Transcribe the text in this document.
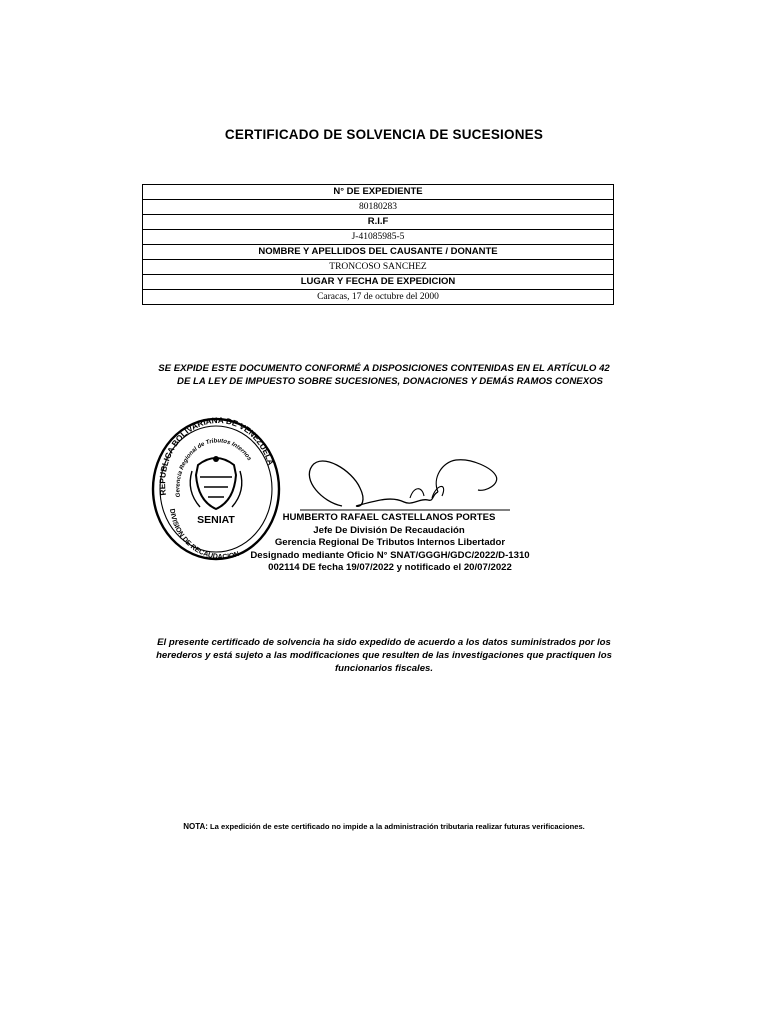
CERTIFICADO DE SOLVENCIA DE SUCESIONES
N° DE EXPEDIENTE
80180283
R.I.F
J-41085985-5
NOMBRE Y APELLIDOS DEL CAUSANTE / DONANTE
TRONCOSO SANCHEZ
LUGAR Y FECHA DE EXPEDICION
Caracas, 17 de octubre del 2000
SE EXPIDE ESTE DOCUMENTO CONFORMÉ A DISPOSICIONES CONTENIDAS EN EL ARTÍCULO 42
DE LA LEY DE IMPUESTO SOBRE SUCESIONES, DONACIONES Y DEMÁS RAMOS CONEXOS
REPUBLICA BOLIVARIANA DE VENEZUELA
Gerencia Regional de Tributos Internos
DIVISION DE RECAUDACION
SENIAT	HUMBERTO RAFAEL CASTELLANOS PORTES
Jefe De División De Recaudación
Gerencia Regional De Tributos Internos Libertador
Designado mediante Oficio N° SNAT/GGGH/GDC/2022/D-1310
002114 DE fecha 19/07/2022 y notificado el 20/07/2022
El presente certificado de solvencia ha sido expedido de acuerdo a los datos suministrados por los
herederos y está sujeto a las modificaciones que resulten de las investigaciones que practiquen los
funcionarios fiscales.
NOTA: La expedición de este certificado no impide a la administración tributaria realizar futuras verificaciones.
